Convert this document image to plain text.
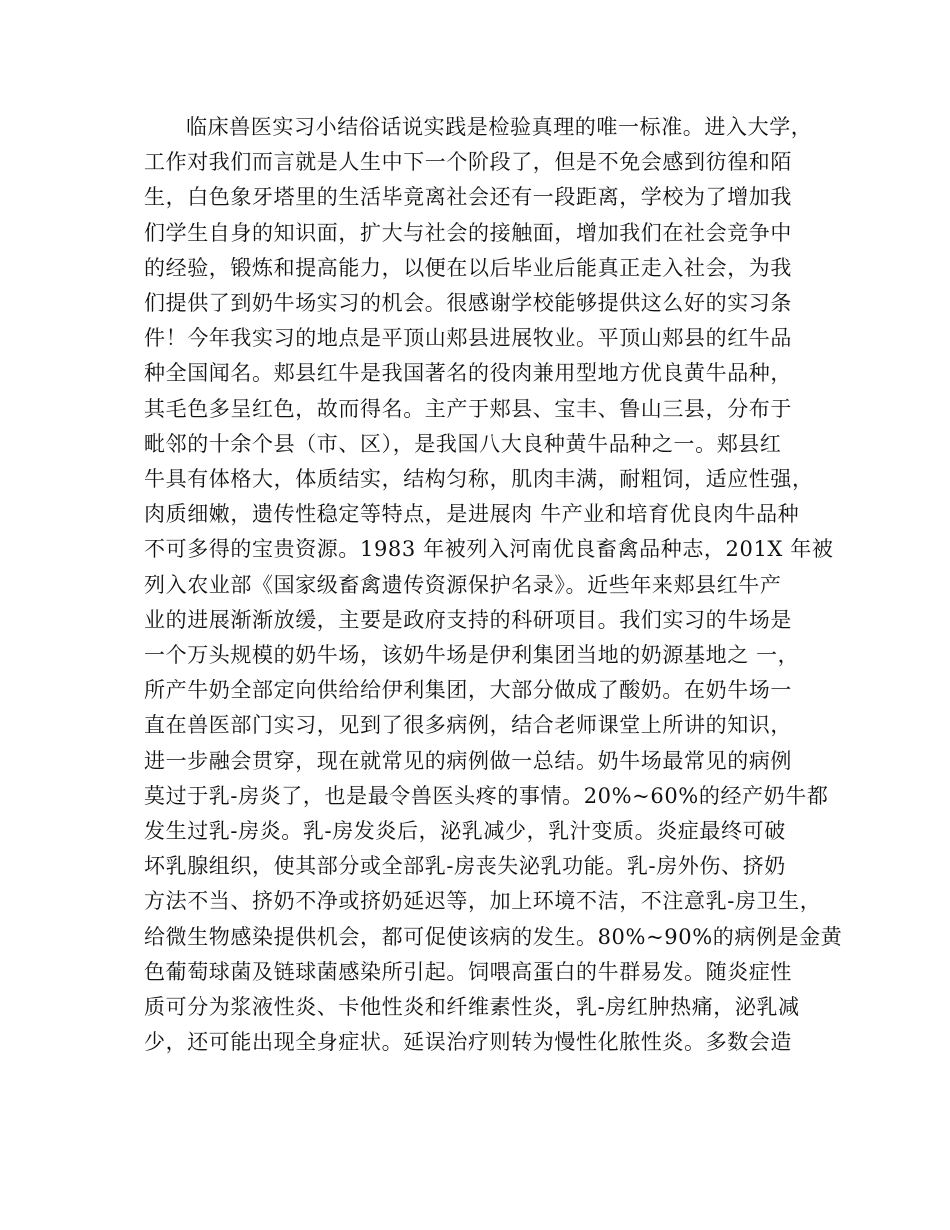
临床兽医实习小结俗话说实践是检验真理的唯一标准。进入大学，
工作对我们而言就是人生中下一个阶段了，但是不免会感到彷徨和陌
生，白色象牙塔里的生活毕竟离社会还有一段距离，学校为了增加我
们学生自身的知识面，扩大与社会的接触面，增加我们在社会竞争中
的经验，锻炼和提高能力，以便在以后毕业后能真正走入社会，为我
们提供了到奶牛场实习的机会。很感谢学校能够提供这么好的实习条
件！今年我实习的地点是平顶山郏县进展牧业。平顶山郏县的红牛品
种全国闻名。郏县红牛是我国著名的役肉兼用型地方优良黄牛品种，
其毛色多呈红色，故而得名。主产于郏县、宝丰、鲁山三县，分布于
毗邻的十余个县（市、区），是我国八大良种黄牛品种之一。郏县红
牛具有体格大，体质结实，结构匀称，肌肉丰满，耐粗饲，适应性强，
肉质细嫩，遗传性稳定等特点，是进展肉 牛产业和培育优良肉牛品种
不可多得的宝贵资源。1983 年被列入河南优良畜禽品种志，201X 年被
列入农业部《国家级畜禽遗传资源保护名录》。近些年来郏县红牛产
业的进展渐渐放缓，主要是政府支持的科研项目。我们实习的牛场是
一个万头规模的奶牛场，该奶牛场是伊利集团当地的奶源基地之 一，
所产牛奶全部定向供给给伊利集团，大部分做成了酸奶。在奶牛场一
直在兽医部门实习，见到了很多病例，结合老师课堂上所讲的知识，
进一步融会贯穿，现在就常见的病例做一总结。奶牛场最常见的病例
莫过于乳-房炎了，也是最令兽医头疼的事情。20%~60%的经产奶牛都
发生过乳-房炎。乳-房发炎后，泌乳减少，乳汁变质。炎症最终可破
坏乳腺组织，使其部分或全部乳-房丧失泌乳功能。乳-房外伤、挤奶
方法不当、挤奶不净或挤奶延迟等，加上环境不洁，不注意乳-房卫生，
给微生物感染提供机会，都可促使该病的发生。80%~90%的病例是金黄
色葡萄球菌及链球菌感染所引起。饲喂高蛋白的牛群易发。随炎症性
质可分为浆液性炎、卡他性炎和纤维素性炎，乳-房红肿热痛，泌乳减
少，还可能出现全身症状。延误治疗则转为慢性化脓性炎。多数会造
